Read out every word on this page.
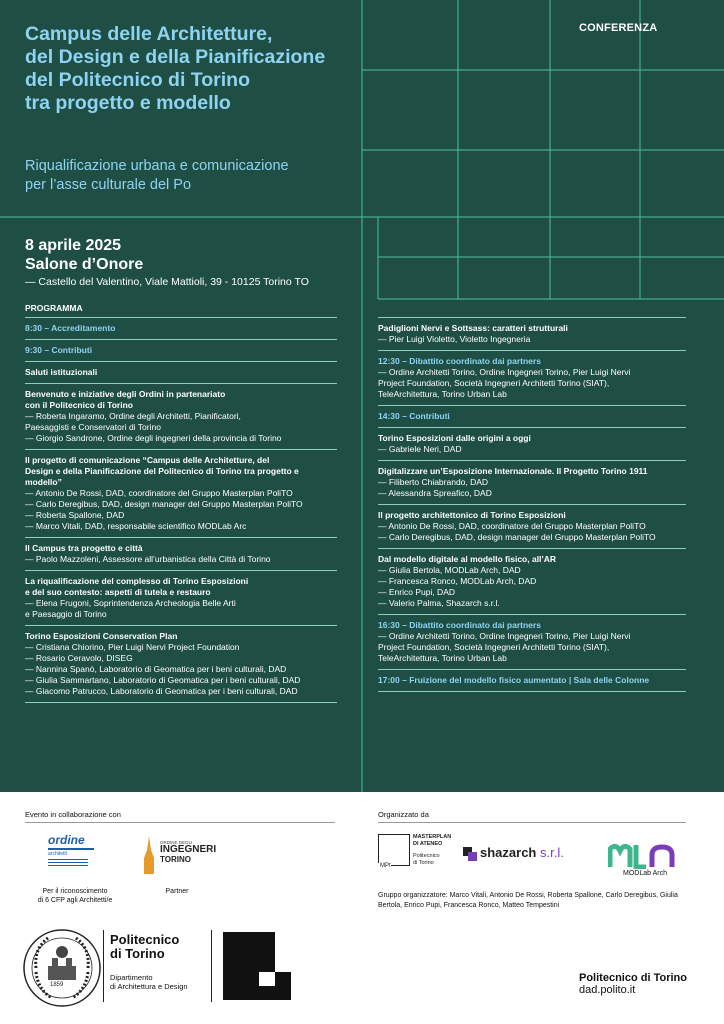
CONFERENZA
Campus delle Architetture,
del Design e della Pianificazione
del Politecnico di Torino
tra progetto e modello
Riqualificazione urbana e comunicazione
per l’asse culturale del Po
8 aprile 2025
Salone d’Onore
— Castello del Valentino, Viale Mattioli, 39 - 10125 Torino TO
PROGRAMMA
8:30 – Accreditamento
9:30 – Contributi
Saluti istituzionali
Benvenuto e iniziative degli Ordini in partenariato
con il Politecnico di Torino
— Roberta Ingaramo, Ordine degli Architetti, Pianificatori,
Paesaggisti e Conservatori di Torino
— Giorgio Sandrone, Ordine degli ingegneri della provincia di Torino
Il progetto di comunicazione “Campus delle Architetture, del
Design e della Pianificazione del Politecnico di Torino tra progetto e
modello”
— Antonio De Rossi, DAD, coordinatore del Gruppo Masterplan PoliTO
— Carlo Deregibus, DAD, design manager del Gruppo Masterplan PoliTO
— Roberta Spallone, DAD
— Marco Vitali, DAD, responsabile scientifico MODLab Arc
Il Campus tra progetto e città
— Paolo Mazzoleni, Assessore all’urbanistica della Città di Torino
La riqualificazione del complesso di Torino Esposizioni
e del suo contesto: aspetti di tutela e restauro
— Elena Frugoni, Soprintendenza Archeologia Belle Arti
e Paesaggio di Torino
Torino Esposizioni Conservation Plan
— Cristiana Chiorino, Pier Luigi Nervi Project Foundation
— Rosario Ceravolo, DISEG
— Nannina Spanò, Laboratorio di Geomatica per i beni culturali, DAD
— Giulia Sammartano, Laboratorio di Geomatica per i beni culturali, DAD
— Giacomo Patrucco, Laboratorio di Geomatica per i beni culturali, DAD
Padiglioni Nervi e Sottsass: caratteri strutturali
— Pier Luigi Violetto, Violetto Ingegneria
12:30 – Dibattito coordinato dai partners
— Ordine Architetti Torino, Ordine Ingegneri Torino, Pier Luigi Nervi
Project Foundation, Società Ingegneri Architetti Torino (SIAT),
TeleArchitettura, Torino Urban Lab
14:30 – Contributi
Torino Esposizioni dalle origini a oggi
— Gabriele Neri, DAD
Digitalizzare un’Esposizione Internazionale. Il Progetto Torino 1911
— Filiberto Chiabrando, DAD
— Alessandra Spreafico, DAD
Il progetto architettonico di Torino Esposizioni
— Antonio De Rossi, DAD, coordinatore del Gruppo Masterplan PoliTO
— Carlo Deregibus, DAD, design manager del Gruppo Masterplan PoliTO
Dal modello digitale al modello fisico, all’AR
— Giulia Bertola, MODLab Arch, DAD
— Francesca Ronco, MODLab Arch, DAD
— Enrico Pupi, DAD
— Valerio Palma, Shazarch s.r.l.
16:30 – Dibattito coordinato dai partners
— Ordine Architetti Torino, Ordine Ingegneri Torino, Pier Luigi Nervi
Project Foundation, Società Ingegneri Architetti Torino (SIAT),
TeleArchitettura, Torino Urban Lab
17:00 – Fruizione del modello fisico aumentato | Sala delle Colonne
Evento in collaborazione con	Organizzato da
ordine
architetti
Per il riconoscimento
di 6 CFP agli Architetti/e
ORDINE DEGLI
INGEGNERI
TORINO
Partner
MPt
MASTERPLAN
DI ATENEO
Politecnico
di Torino
shazarch s.r.l.
MODLab Arch
Gruppo organizzatore: Marco Vitali, Antonio De Rossi, Roberta Spallone, Carlo Deregibus, Giulia Bertola, Enrico Pupi, Francesca Ronco, Matteo Tempestini
1859
Politecnico
di Torino
Dipartimento
di Architettura e Design
Politecnico di Torino
dad.polito.it
